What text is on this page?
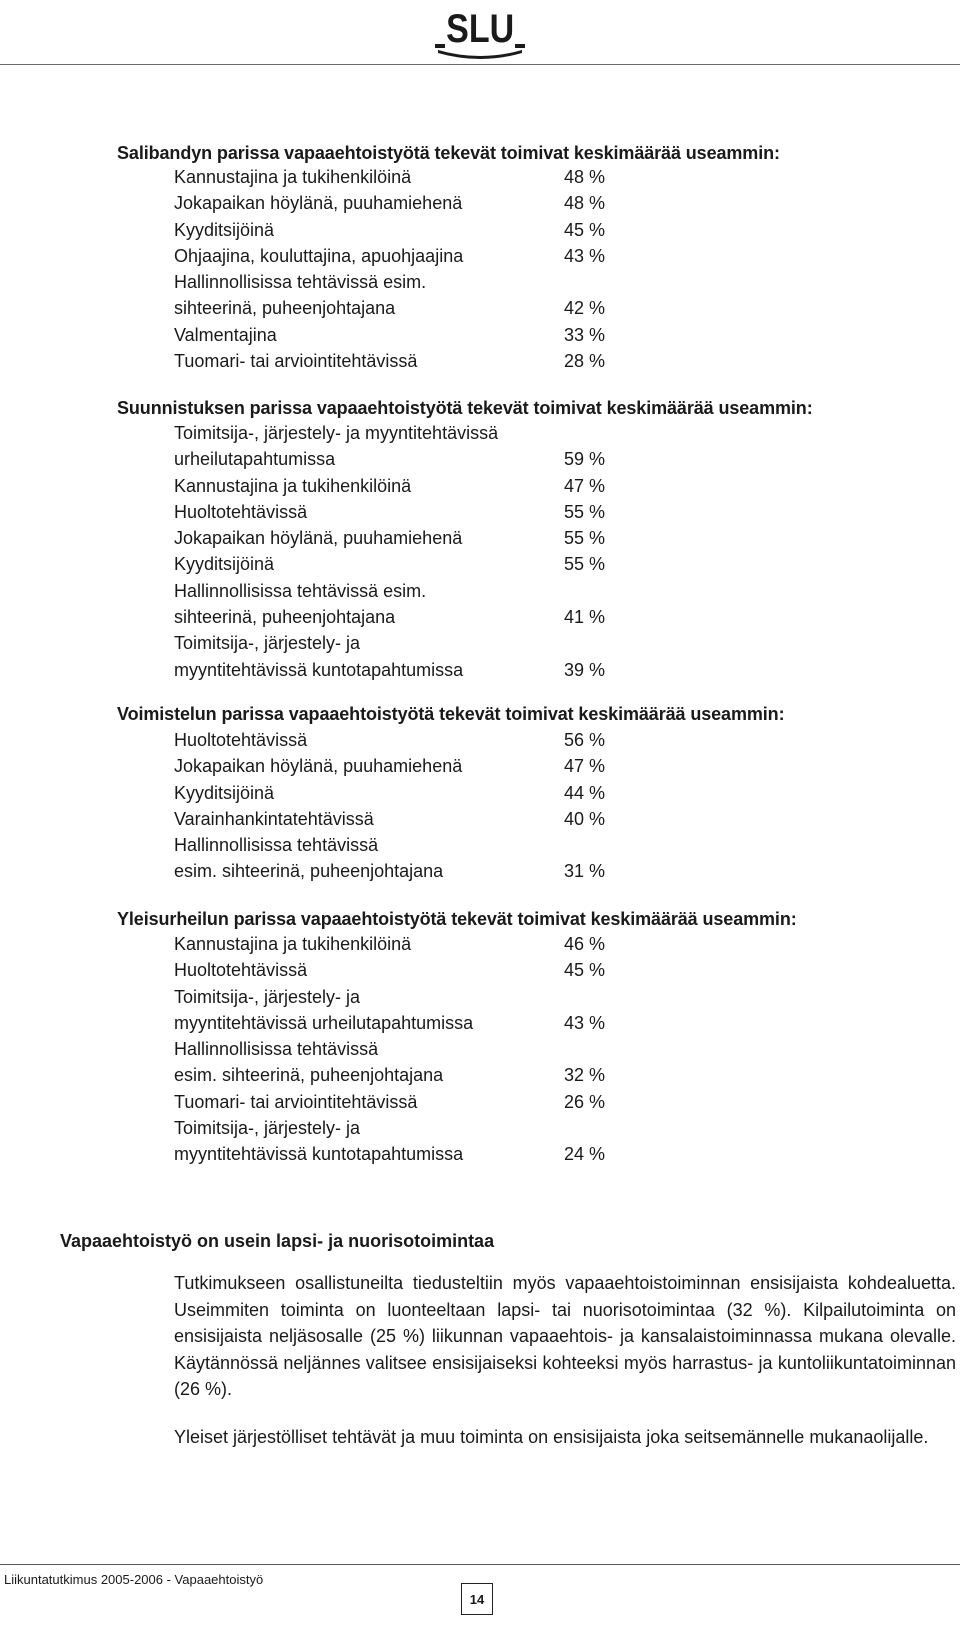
SLU
Salibandyn parissa vapaaehtoistyötä tekevät toimivat keskimäärää useammin:
Kannustajina ja tukihenkilöinä	48 %
Jokapaikan höylänä, puuhamiehenä	48 %
Kyyditsijöinä	45 %
Ohjaajina, kouluttajina, apuohjaajina	43 %
Hallinnollisissa tehtävissä esim.
sihteerinä, puheenjohtajana	42 %
Valmentajina	33 %
Tuomari- tai arviointitehtävissä	28 %
Suunnistuksen parissa vapaaehtoistyötä tekevät toimivat keskimäärää useammin:
Toimitsija-, järjestely- ja myyntitehtävissä
urheilutapahtumissa	59 %
Kannustajina ja tukihenkilöinä	47 %
Huoltotehtävissä	55 %
Jokapaikan höylänä, puuhamiehenä	55 %
Kyyditsijöinä	55 %
Hallinnollisissa tehtävissä esim.
sihteerinä, puheenjohtajana	41 %
Toimitsija-, järjestely- ja
myyntitehtävissä kuntotapahtumissa	39 %
Voimistelun parissa vapaaehtoistyötä tekevät toimivat keskimäärää useammin:
Huoltotehtävissä	56 %
Jokapaikan höylänä, puuhamiehenä	47 %
Kyyditsijöinä	44 %
Varainhankintatehtävissä	40 %
Hallinnollisissa tehtävissä
esim. sihteerinä, puheenjohtajana	31 %
Yleisurheilun parissa vapaaehtoistyötä tekevät toimivat keskimäärää useammin:
Kannustajina ja tukihenkilöinä	46 %
Huoltotehtävissä	45 %
Toimitsija-, järjestely- ja
myyntitehtävissä urheilutapahtumissa	43 %
Hallinnollisissa tehtävissä
esim. sihteerinä, puheenjohtajana	32 %
Tuomari- tai arviointitehtävissä	26 %
Toimitsija-, järjestely- ja
myyntitehtävissä kuntotapahtumissa	24 %
Vapaaehtoistyö on usein lapsi- ja nuorisotoimintaa

Tutkimukseen osallistuneilta tiedusteltiin myös vapaaehtoistoiminnan ensisijaista kohdealuetta. Useimmiten toiminta on luonteeltaan lapsi- tai nuorisotoimintaa (32 %). Kilpailutoiminta on ensisijaista neljäsosalle (25 %) liikunnan vapaaehtois- ja kansalaistoiminnassa mukana olevalle. Käytännössä neljännes valitsee ensisijaiseksi kohteeksi myös harrastus- ja kuntoliikuntatoiminnan (26 %).

Yleiset järjestölliset tehtävät ja muu toiminta on ensisijaista joka seitsemännelle mukanaolijalle.

Liikuntatutkimus 2005-2006 - Vapaaehtoistyö
14
